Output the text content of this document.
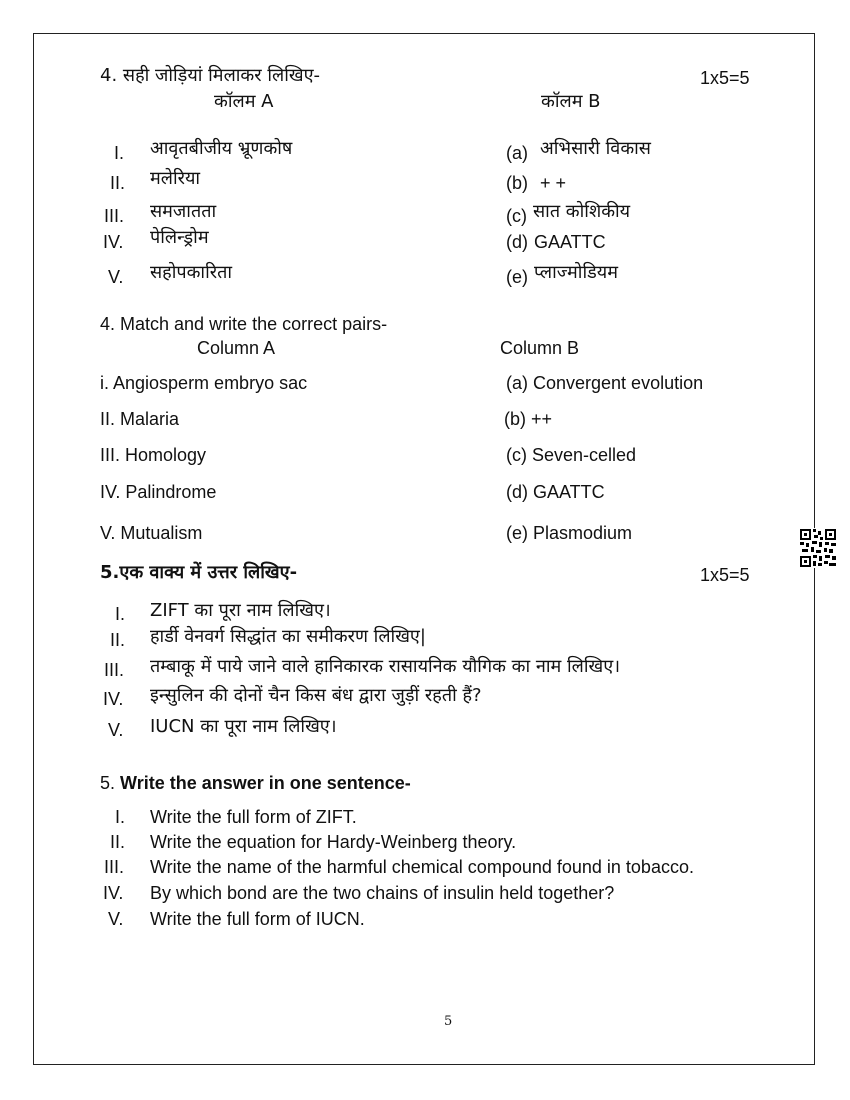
4. सही जोड़ियां मिलाकर लिखिए-	1x5=5
कॉलम A	कॉलम B
I. आवृतबीजीय भ्रूणकोष	(a) अभिसारी विकास
II. मलेरिया	(b) + +
III. समजातता	(c) सात कोशिकीय
IV. पेलिन्ड्रोम	(d) GAATTC
V. सहोपकारिता	(e) प्लाज्मोडियम
4. Match and write the correct pairs-
Column A	Column B
i. Angiosperm embryo sac	(a) Convergent evolution
II. Malaria	(b) ++
III. Homology	(c) Seven-celled
IV. Palindrome	(d) GAATTC
V. Mutualism	(e) Plasmodium
5.एक वाक्य में उत्तर लिखिए-	1x5=5
I. ZIFT का पूरा नाम लिखिए।
II. हार्डी वेनवर्ग सिद्धांत का समीकरण लिखिए|
III. तम्बाकू में पाये जाने वाले हानिकारक रासायनिक यौगिक का नाम लिखिए।
IV. इन्सुलिन की दोनों चैन किस बंध द्वारा जुड़ीं रहती हैं?
V. IUCN का पूरा नाम लिखिए।
5. Write the answer in one sentence-
I. Write the full form of ZIFT.
II. Write the equation for Hardy-Weinberg theory.
III. Write the name of the harmful chemical compound found in tobacco.
IV. By which bond are the two chains of insulin held together?
V. Write the full form of IUCN.
5
